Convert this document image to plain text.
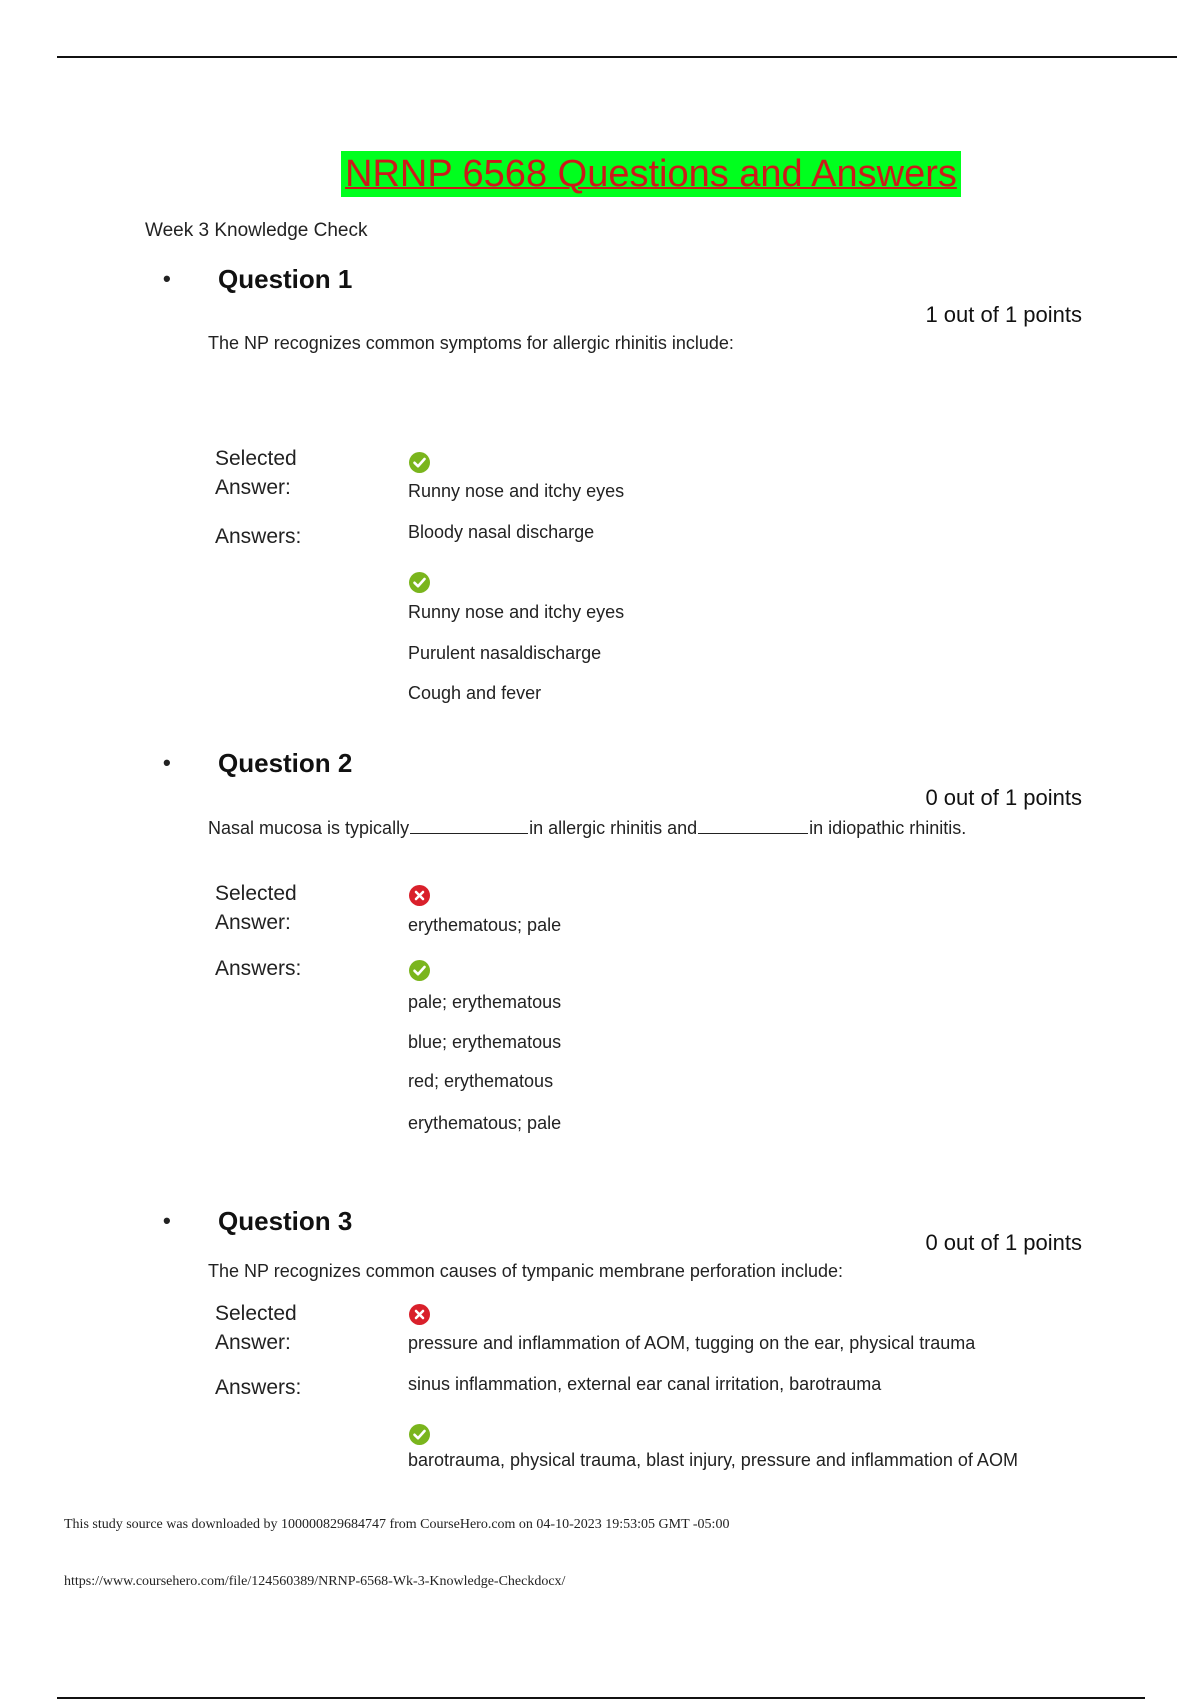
NRNP 6568 Questions and Answers
Week 3 Knowledge Check
• Question 1
1 out of 1 points
The NP recognizes common symptoms for allergic rhinitis include:
Selected
Answer:	Runny nose and itchy eyes
Answers:	Bloody nasal discharge
Runny nose and itchy eyes
Purulent nasaldischarge
Cough and fever
• Question 2
0 out of 1 points
Nasal mucosa is typically	in allergic rhinitis and	in idiopathic rhinitis.
Selected
Answer:	erythematous; pale
Answers:
pale; erythematous
blue; erythematous
red; erythematous
erythematous; pale
• Question 3
0 out of 1 points
The NP recognizes common causes of tympanic membrane perforation include:
Selected
Answer:	pressure and inflammation of AOM, tugging on the ear, physical trauma
Answers:	sinus inflammation, external ear canal irritation, barotrauma
barotrauma, physical trauma, blast injury, pressure and inflammation of AOM
This study source was downloaded by 100000829684747 from CourseHero.com on 04-10-2023 19:53:05 GMT -05:00
https://www.coursehero.com/file/124560389/NRNP-6568-Wk-3-Knowledge-Checkdocx/
